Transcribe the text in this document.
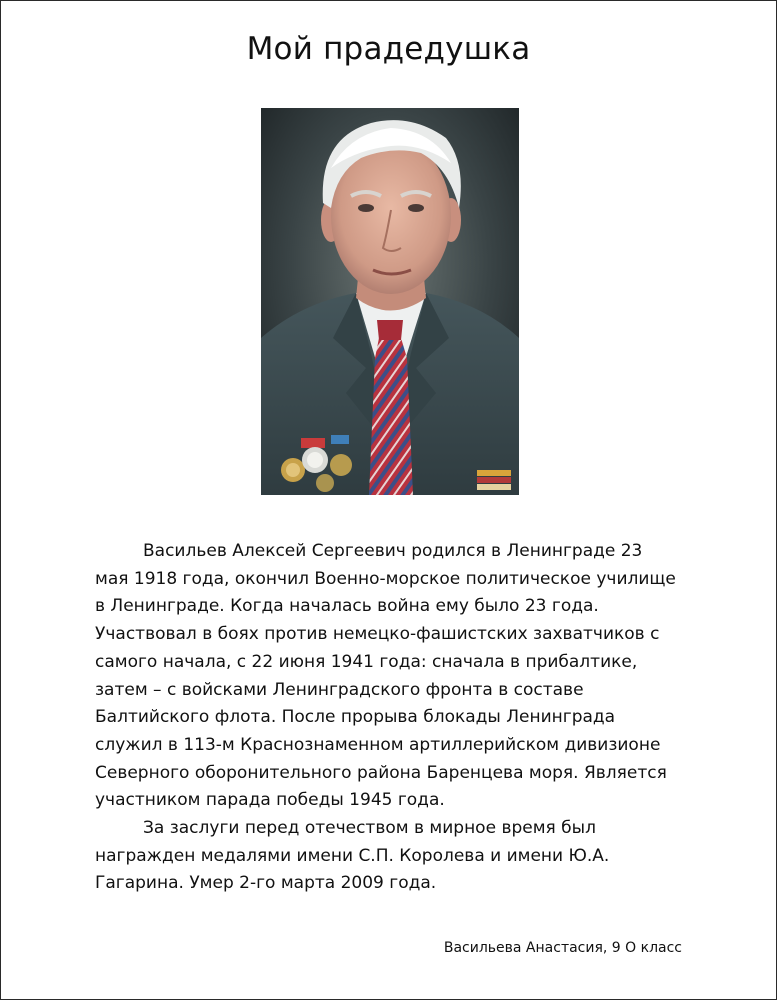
Мой прадедушка

Васильев Алексей Сергеевич родился в Ленинграде 23
мая 1918 года, окончил Военно-морское политическое училище
в Ленинграде. Когда началась война ему было 23 года.
Участвовал в боях против немецко-фашистских захватчиков с
самого начала, с 22 июня 1941 года: сначала в прибалтике,
затем – с войсками Ленинградского фронта в составе
Балтийского флота. После прорыва блокады Ленинграда
служил в 113-м Краснознаменном артиллерийском дивизионе
Северного оборонительного района Баренцева моря. Является
участником парада победы 1945 года.

За заслуги перед отечеством в мирное время был
награжден медалями имени С.П. Королева и имени Ю.А.
Гагарина. Умер 2-го марта 2009 года.

Васильева Анастасия, 9 О класс
